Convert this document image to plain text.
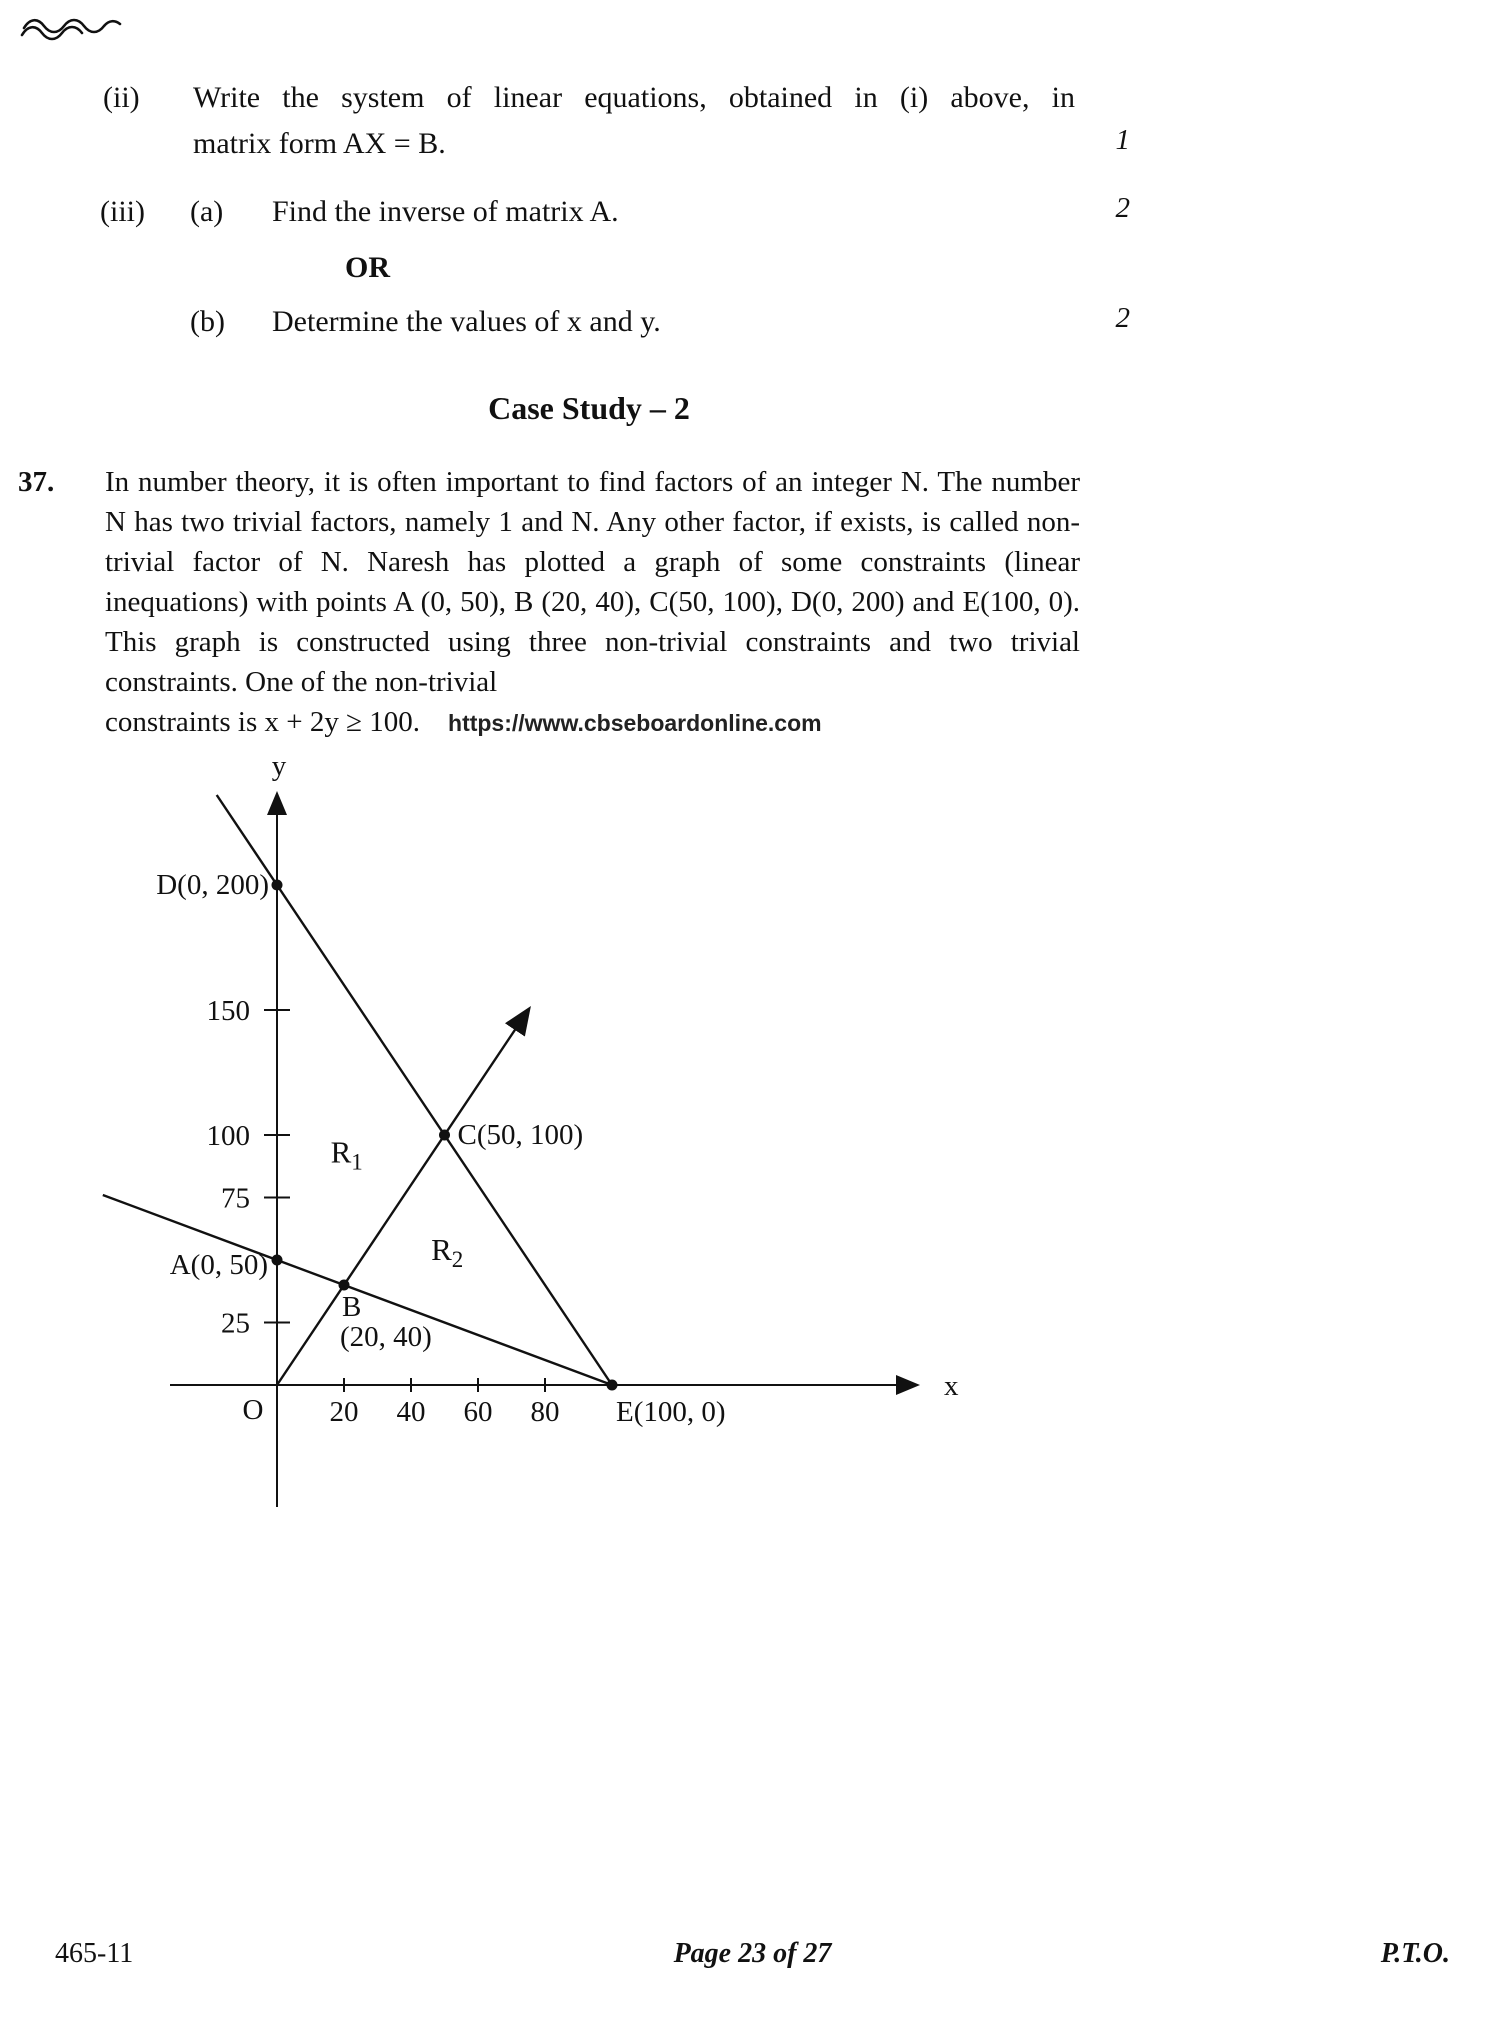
(ii) Write the system of linear equations, obtained in (i) above, in
matrix form AX = B.	1
(iii) (a) Find the inverse of matrix A.	2
OR
(b) Determine the values of x and y.	2
Case Study – 2
37. In number theory, it is often important to find factors of an integer N. The number N has two trivial factors, namely 1 and N. Any other factor, if exists, is called non-trivial factor of N. Naresh has plotted a graph of some constraints (linear inequations) with points A (0, 50), B (20, 40), C(50, 100), D(0, 200) and E(100, 0). This graph is constructed using three non-trivial constraints and two trivial constraints. One of the non-trivial
constraints is x + 2y ≥ 100. https://www.cbseboardonline.com
x
y
O
25
75
100
150
20 40 60 80
D(0, 200)
C(50, 100)
A(0, 50)
B
(20, 40)
E(100, 0)
$R_1$
$R_2$
465-11	Page 23 of 27	P.T.O.
